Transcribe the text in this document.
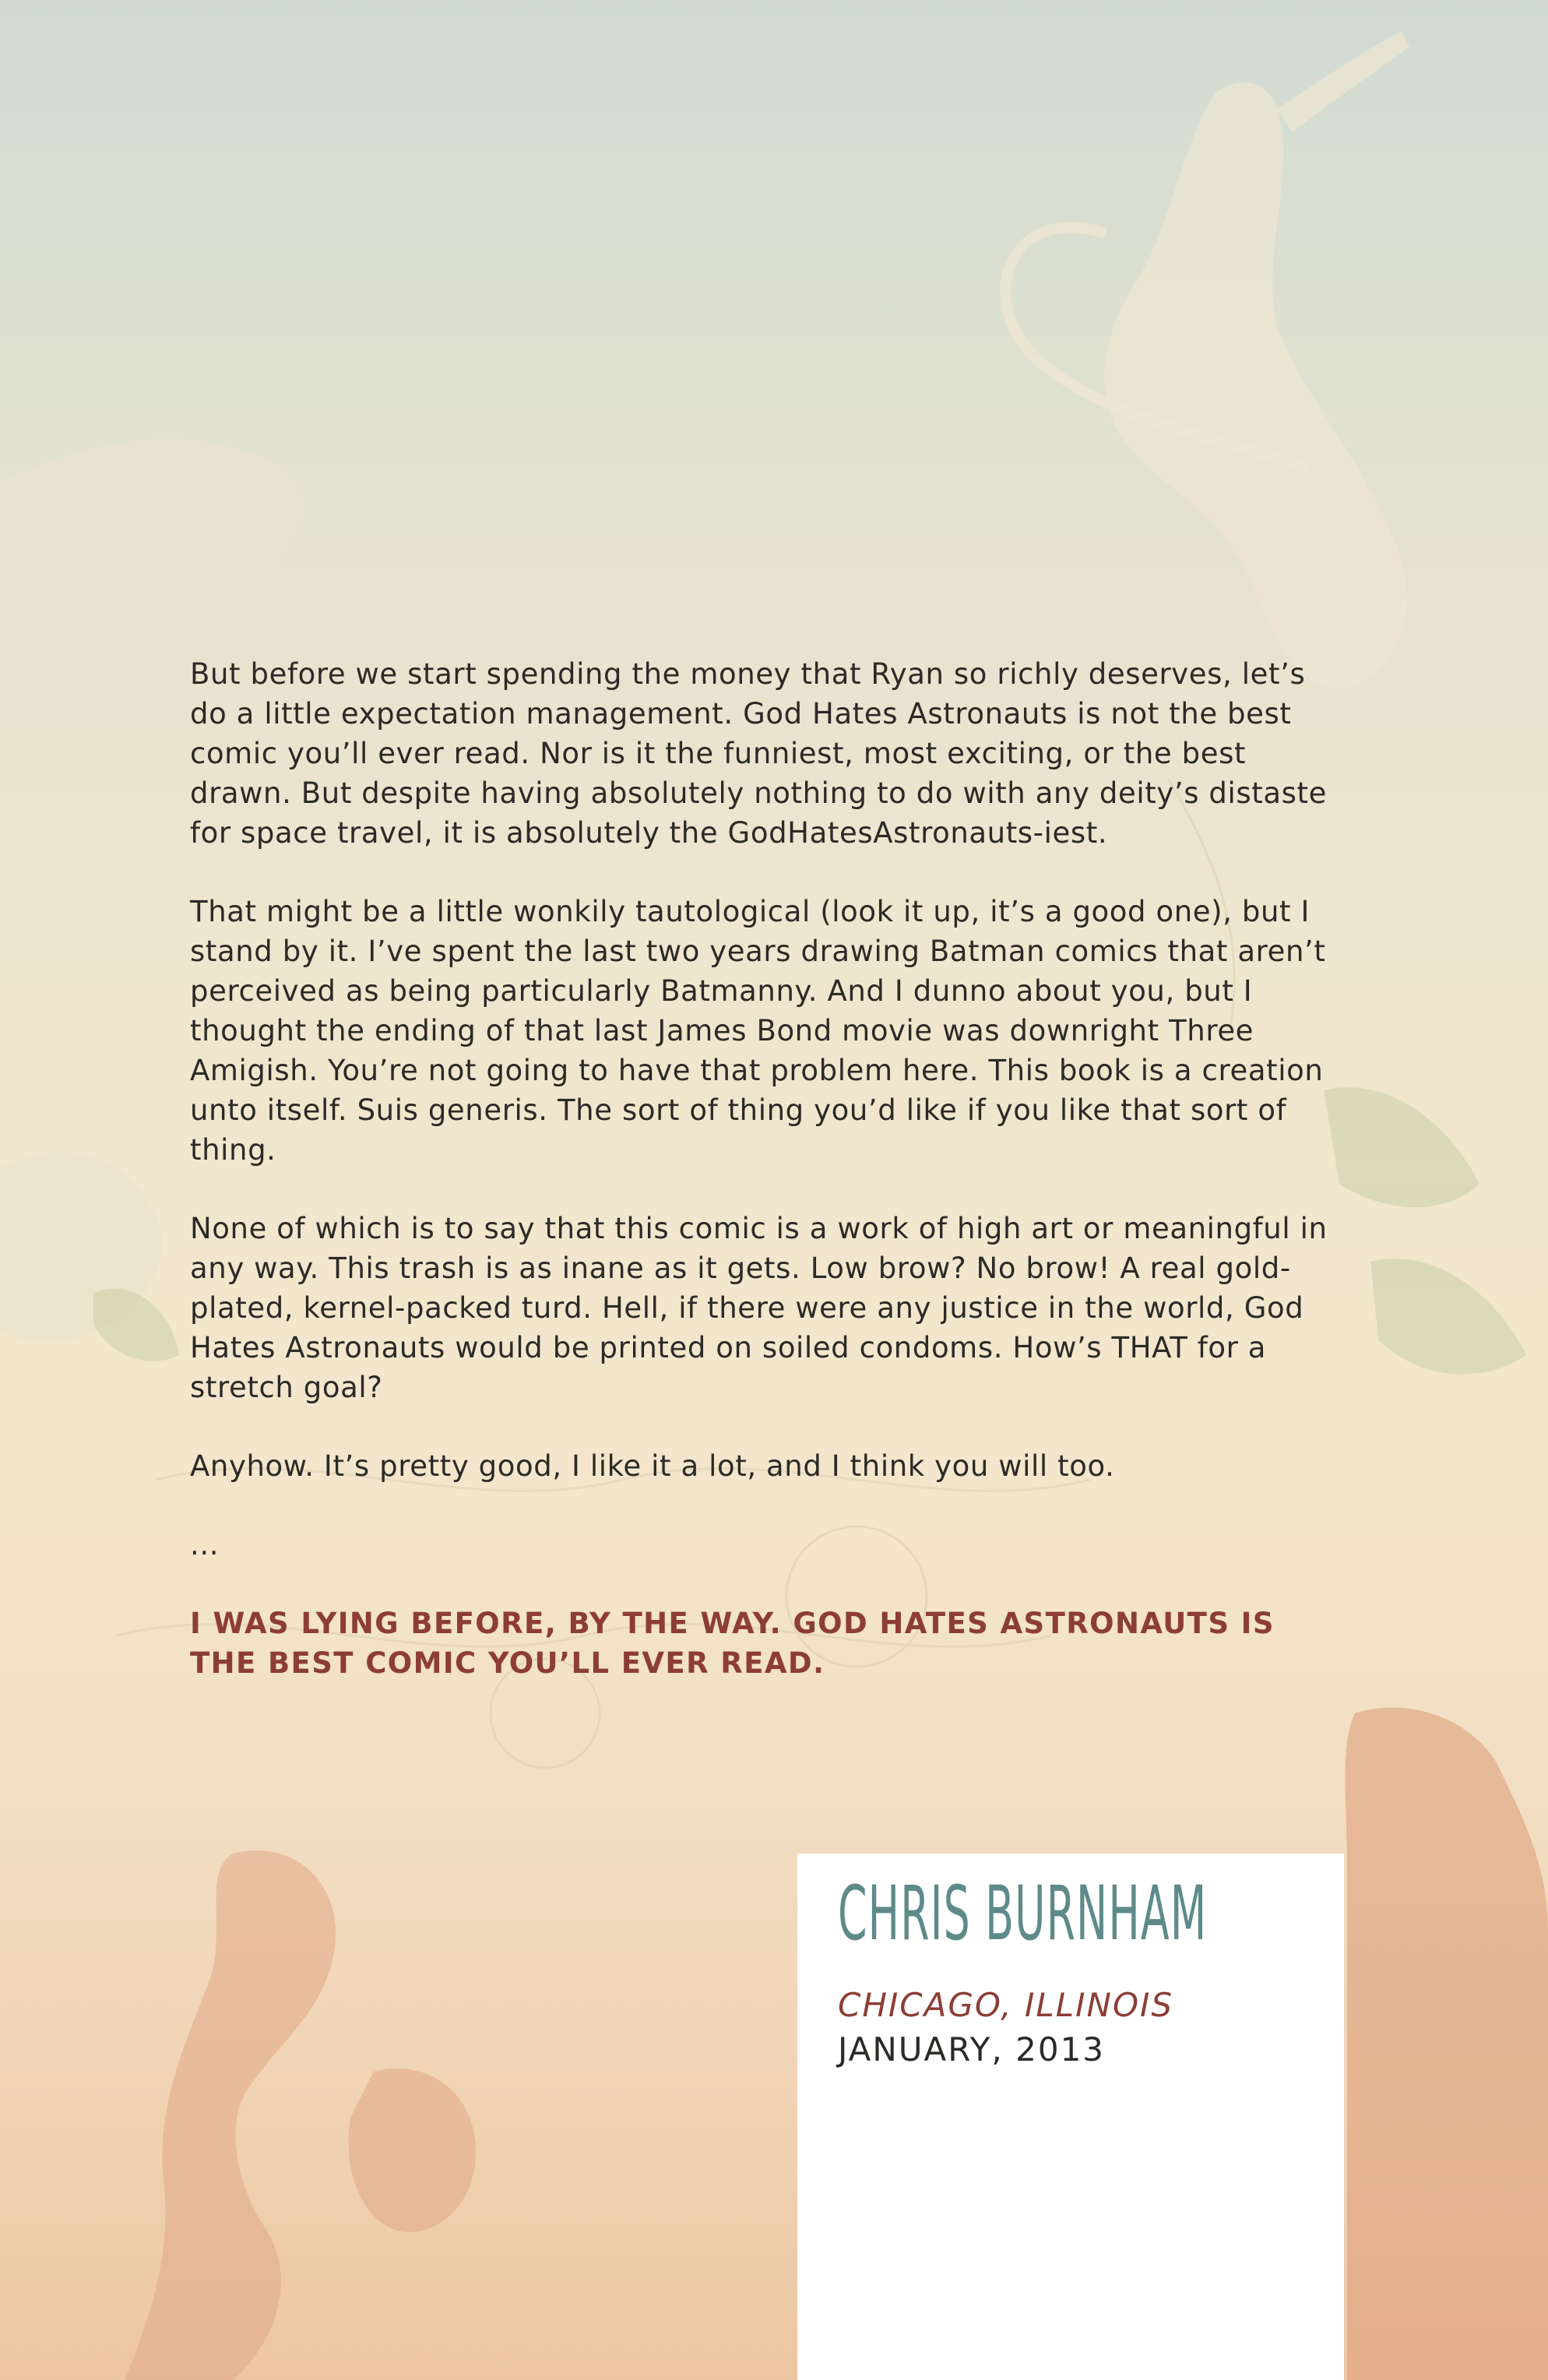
But before we start spending the money that Ryan so richly deserves, let’s do a little expectation management. God Hates Astronauts is not the best comic you’ll ever read. Nor is it the funniest, most exciting, or the best drawn. But despite having absolutely nothing to do with any deity’s distaste for space travel, it is absolutely the GodHatesAstronauts-iest.

That might be a little wonkily tautological (look it up, it’s a good one), but I stand by it. I’ve spent the last two years drawing Batman comics that aren’t perceived as being particularly Batmanny. And I dunno about you, but I thought the ending of that last James Bond movie was downright Three Amigish. You’re not going to have that problem here. This book is a creation unto itself. Suis generis. The sort of thing you’d like if you like that sort of thing.

None of which is to say that this comic is a work of high art or meaningful in any way. This trash is as inane as it gets. Low brow? No brow! A real gold-plated, kernel-packed turd. Hell, if there were any justice in the world, God Hates Astronauts would be printed on soiled condoms. How’s THAT for a stretch goal?

Anyhow. It’s pretty good, I like it a lot, and I think you will too.

...

I WAS LYING BEFORE, BY THE WAY. GOD HATES ASTRONAUTS IS THE BEST COMIC YOU’LL EVER READ.

CHRIS BURNHAM
CHICAGO, ILLINOIS
JANUARY, 2013
